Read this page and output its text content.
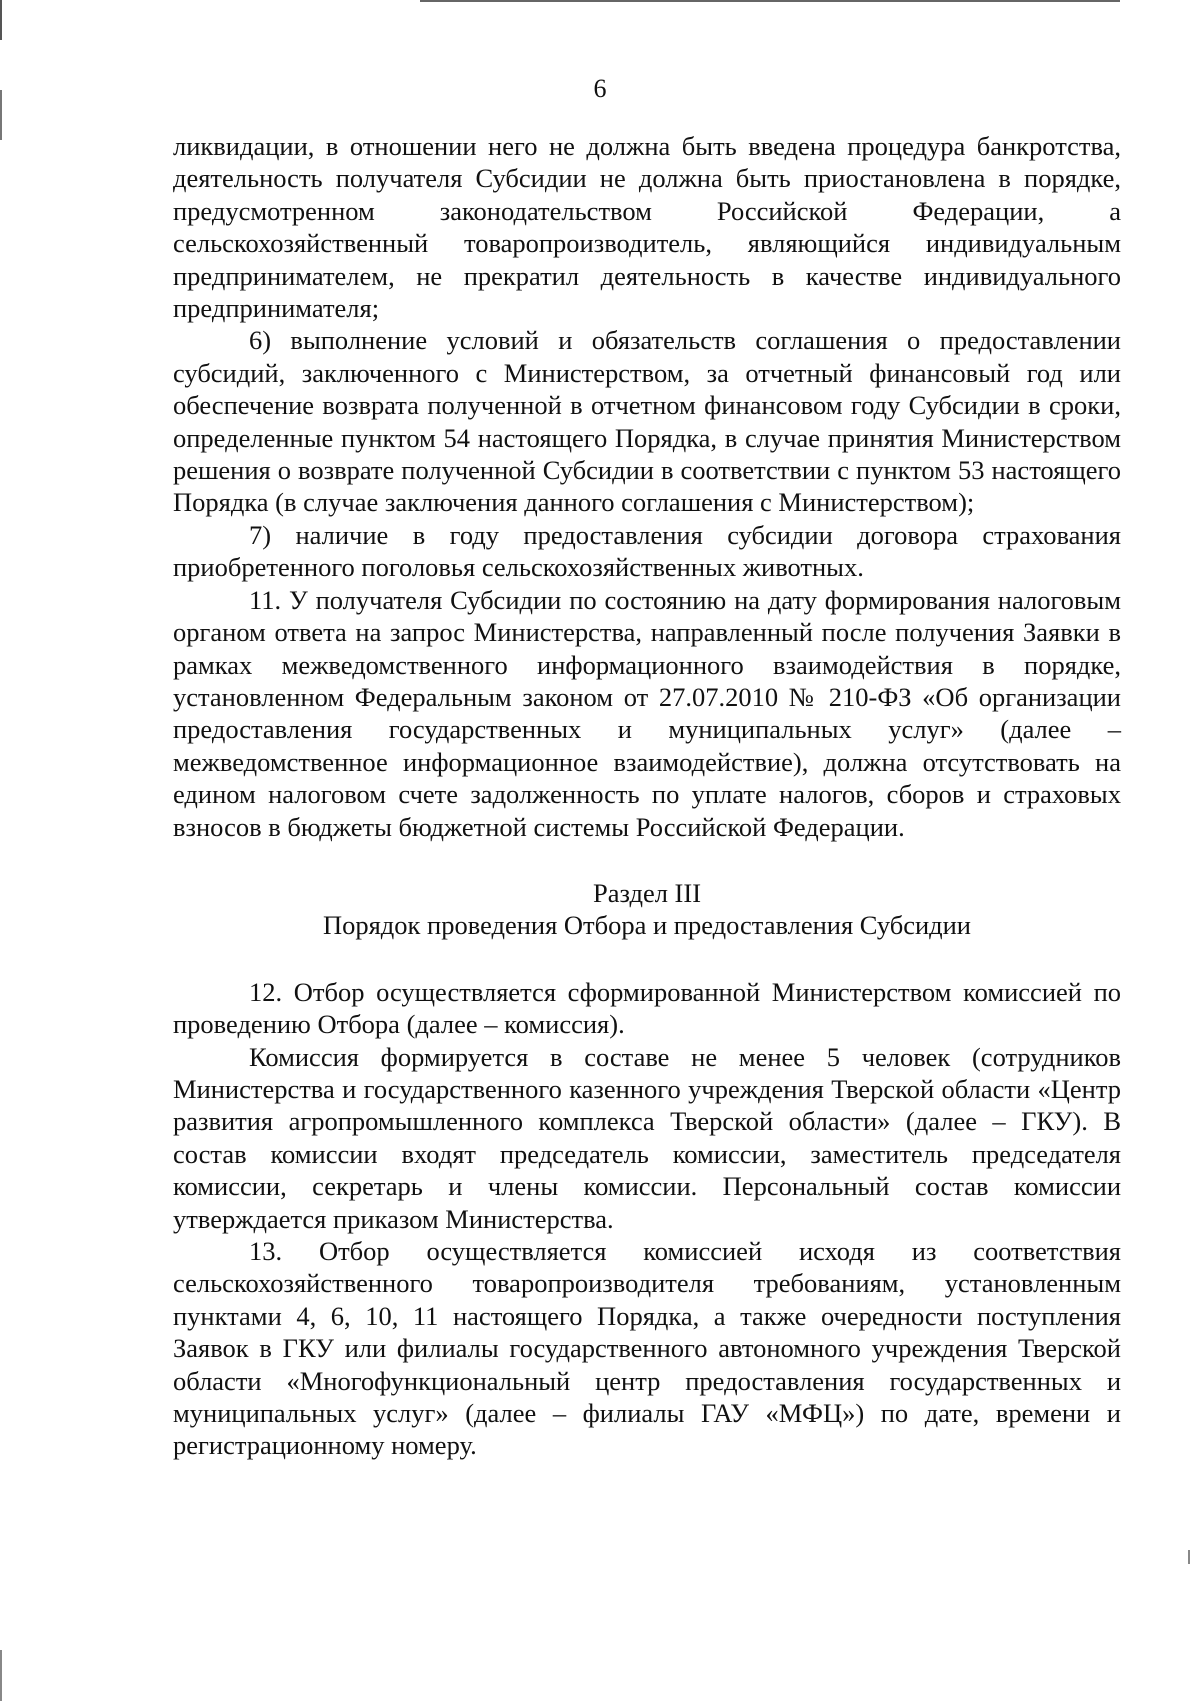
6

ликвидации, в отношении него не должна быть введена процедура банкротства, деятельность получателя Субсидии не должна быть приостановлена в порядке, предусмотренном законодательством Российской Федерации, а сельскохозяйственный товаропроизводитель, являющийся индивидуальным предпринимателем, не прекратил деятельность в качестве индивидуального предпринимателя;

6) выполнение условий и обязательств соглашения о предоставлении субсидий, заключенного с Министерством, за отчетный финансовый год или обеспечение возврата полученной в отчетном финансовом году Субсидии в сроки, определенные пунктом 54 настоящего Порядка, в случае принятия Министерством решения о возврате полученной Субсидии в соответствии с пунктом 53 настоящего Порядка (в случае заключения данного соглашения с Министерством);

7) наличие в году предоставления субсидии договора страхования приобретенного поголовья сельскохозяйственных животных.

11. У получателя Субсидии по состоянию на дату формирования налоговым органом ответа на запрос Министерства, направленный после получения Заявки в рамках межведомственного информационного взаимодействия в порядке, установленном Федеральным законом от 27.07.2010 № 210-ФЗ «Об организации предоставления государственных и муниципальных услуг» (далее – межведомственное информационное взаимодействие), должна отсутствовать на едином налоговом счете задолженность по уплате налогов, сборов и страховых взносов в бюджеты бюджетной системы Российской Федерации.

Раздел III

Порядок проведения Отбора и предоставления Субсидии

12. Отбор осуществляется сформированной Министерством комиссией по проведению Отбора (далее – комиссия).

Комиссия формируется в составе не менее 5 человек (сотрудников Министерства и государственного казенного учреждения Тверской области «Центр развития агропромышленного комплекса Тверской области» (далее – ГКУ). В состав комиссии входят председатель комиссии, заместитель председателя комиссии, секретарь и члены комиссии. Персональный состав комиссии утверждается приказом Министерства.

13. Отбор осуществляется комиссией исходя из соответствия сельскохозяйственного товаропроизводителя требованиям, установленным пунктами 4, 6, 10, 11 настоящего Порядка, а также очередности поступления Заявок в ГКУ или филиалы государственного автономного учреждения Тверской области «Многофункциональный центр предоставления государственных и муниципальных услуг» (далее – филиалы ГАУ «МФЦ») по дате, времени и регистрационному номеру.
